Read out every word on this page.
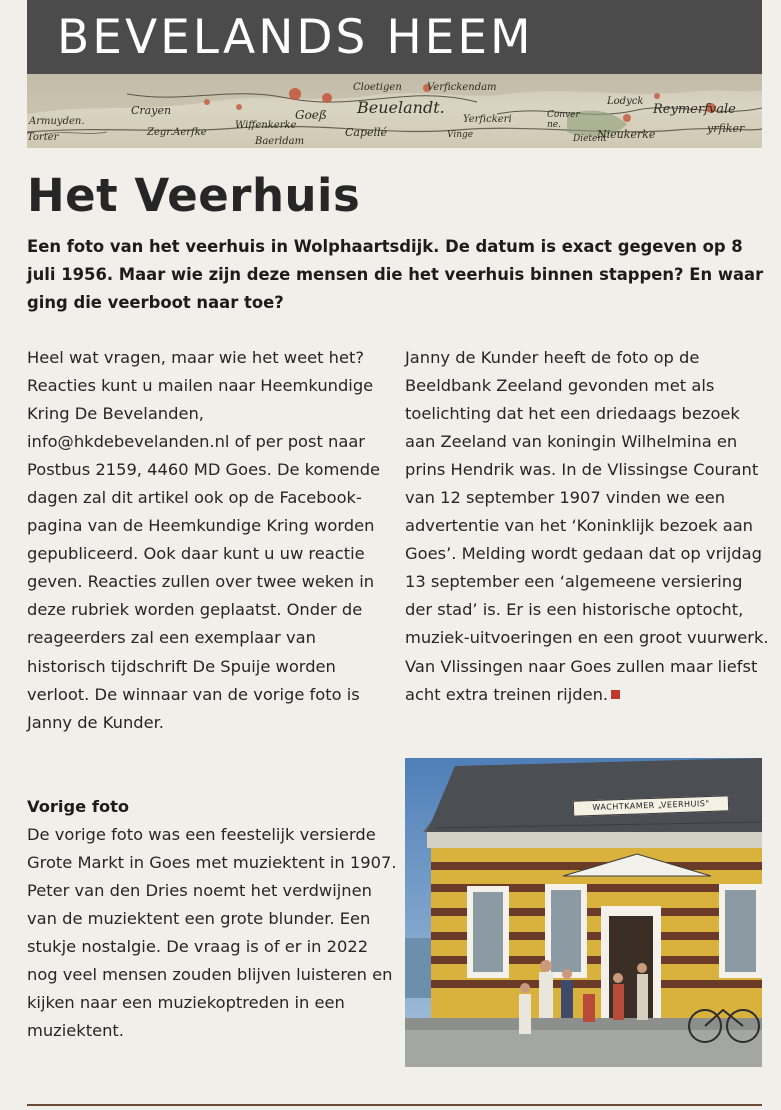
BEVELANDS HEEM
Armuyden.
Torter
Crayen
Zegr.Aerfke
Wiffenkerke
Goeß
Baerldam
Cloetigen
Beuelandt.
Capellé
Verfickendam
Yerfickeri	Conver ne.
Vinge	Dietent
Nieukerke
Lodyck
Reymerfvale
yrfiker
Het Veerhuis
Een foto van het veerhuis in Wolphaartsdijk. De datum is exact gegeven op 8 juli 1956. Maar wie zijn deze mensen die het veerhuis binnen stappen? En waar ging die veerboot naar toe?
Heel wat vragen, maar wie het weet het? Reacties kunt u mailen naar Heemkundige Kring De Bevelanden, info@hkdebevelanden.nl of per post naar Postbus 2159, 4460 MD Goes. De komende dagen zal dit artikel ook op de Facebook-pagina van de Heemkundige Kring worden gepubliceerd. Ook daar kunt u uw reactie geven. Reacties zullen over twee weken in deze rubriek worden geplaatst. Onder de reageerders zal een exemplaar van historisch tijdschrift De Spuije worden verloot. De winnaar van de vorige foto is Janny de Kunder.
Janny de Kunder heeft de foto op de Beeldbank Zeeland gevonden met als toelichting dat het een driedaags bezoek aan Zeeland van koningin Wilhelmina en prins Hendrik was. In de Vlissingse Courant van 12 september 1907 vinden we een advertentie van het ‘Koninklijk bezoek aan Goes’. Melding wordt gedaan dat op vrijdag 13 september een ‘algemeene versiering der stad’ is. Er is een historische optocht, muziek-uitvoeringen en een groot vuurwerk. Van Vlissingen naar Goes zullen maar liefst acht extra treinen rijden.
Vorige foto
De vorige foto was een feestelijk versierde Grote Markt in Goes met muziektent in 1907. Peter van den Dries noemt het verdwijnen van de muziektent een grote blunder. Een stukje nostalgie. De vraag is of er in 2022 nog veel mensen zouden blijven luisteren en kijken naar een muziekoptreden in een muziektent.
WACHTKAMER „VEERHUIS"
